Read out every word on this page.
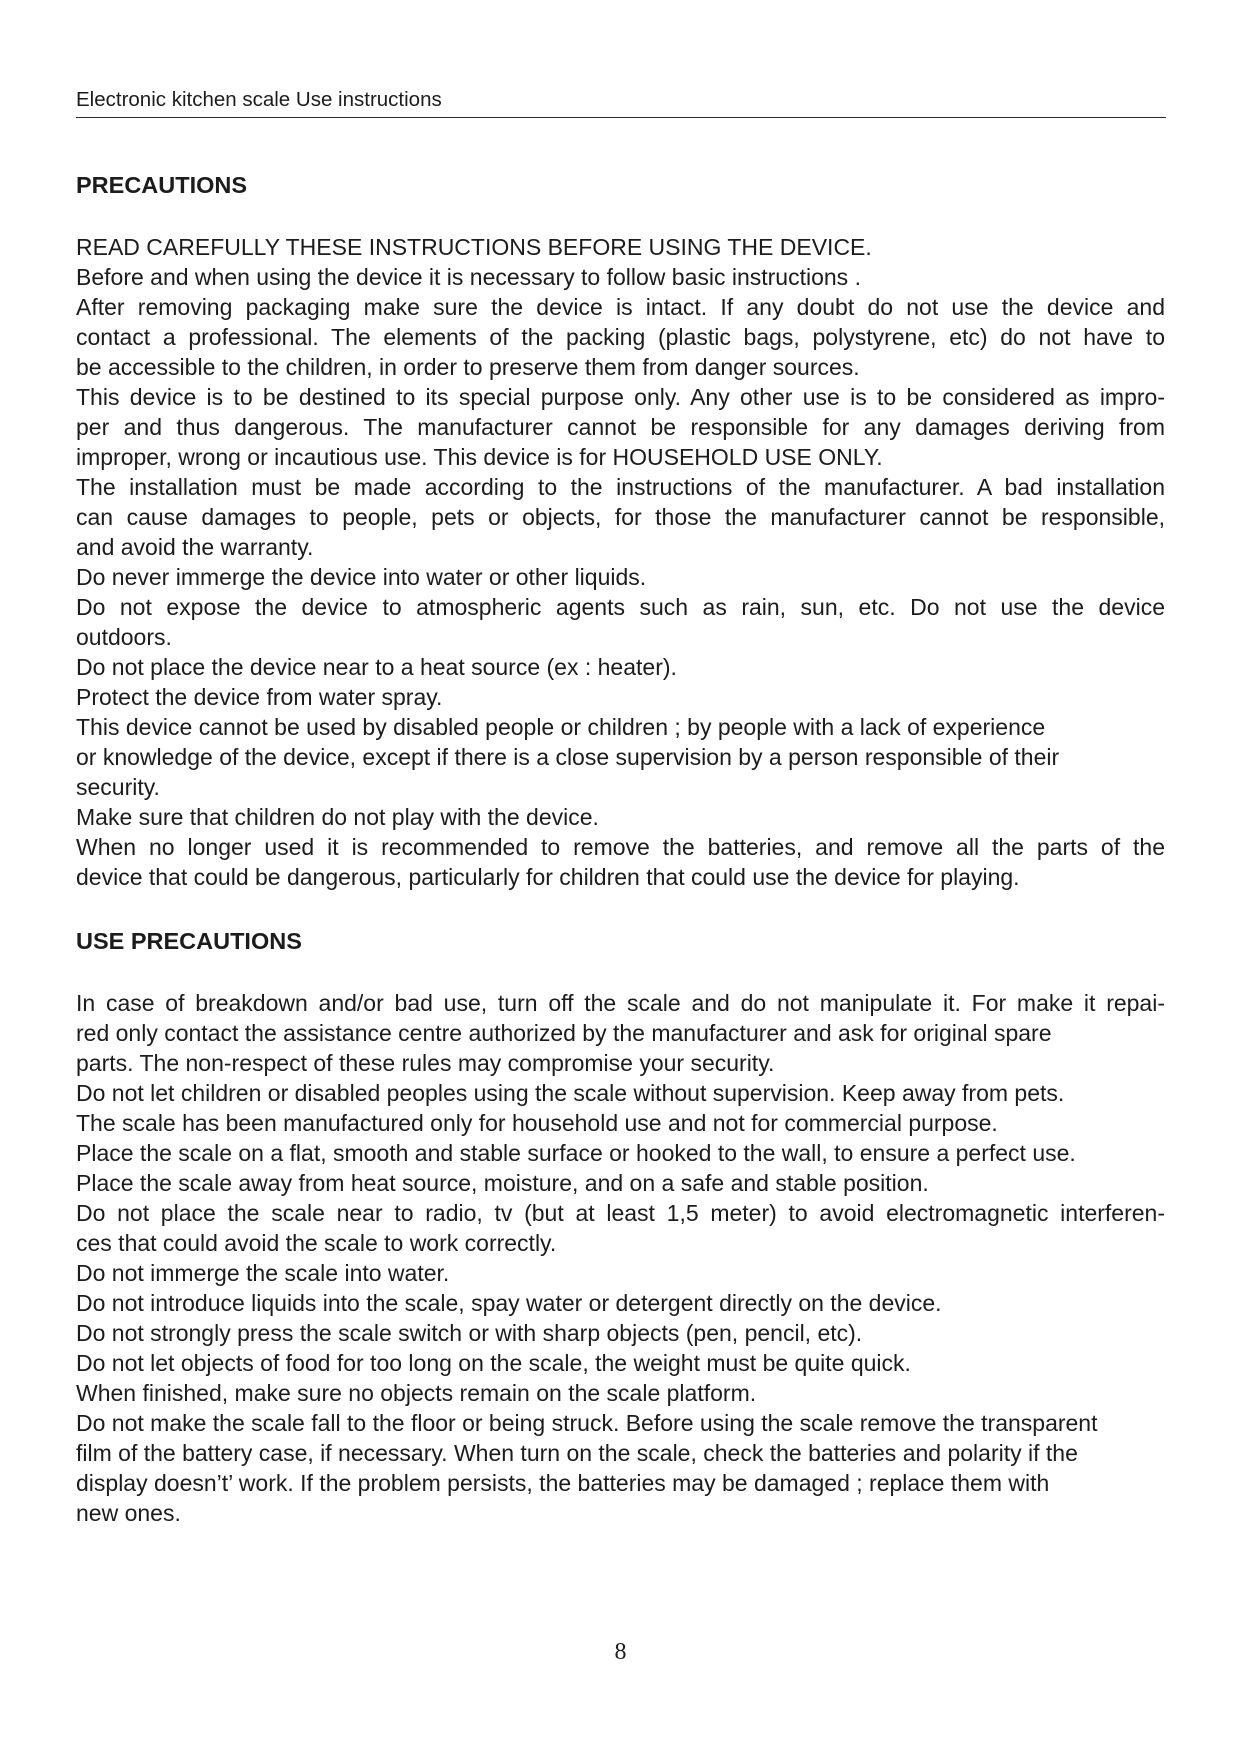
Electronic kitchen scale Use instructions
PRECAUTIONS
READ CAREFULLY THESE INSTRUCTIONS BEFORE USING THE DEVICE.
Before and when using the device it is necessary to follow basic instructions .
After removing packaging make sure the device is intact. If any doubt do not use the device and
contact a professional. The elements of the packing (plastic bags, polystyrene, etc) do not have to
be accessible to the children, in order to preserve them from danger sources.
This device is to be destined to its special purpose only. Any other use is to be considered as impro-
per and thus dangerous. The manufacturer cannot be responsible for any damages deriving from
improper, wrong or incautious use. This device is for HOUSEHOLD USE ONLY.
The installation must be made according to the instructions of the manufacturer. A bad installation
can cause damages to people, pets or objects, for those the manufacturer cannot be responsible,
and avoid the warranty.
Do never immerge the device into water or other liquids.
Do not expose the device to atmospheric agents such as rain, sun, etc. Do not use the device
outdoors.
Do not place the device near to a heat source (ex : heater).
Protect the device from water spray.
This device cannot be used by disabled people or children ; by people with a lack of experience
or knowledge of the device, except if there is a close supervision by a person responsible of their
security.
Make sure that children do not play with the device.
When no longer used it is recommended to remove the batteries, and remove all the parts of the
device that could be dangerous, particularly for children that could use the device for playing.
USE PRECAUTIONS
In case of breakdown and/or bad use, turn off the scale and do not manipulate it. For make it repai-
red only contact the assistance centre authorized by the manufacturer and ask for original spare
parts. The non-respect of these rules may compromise your security.
Do not let children or disabled peoples using the scale without supervision. Keep away from pets.
The scale has been manufactured only for household use and not for commercial purpose.
Place the scale on a flat, smooth and stable surface or hooked to the wall, to ensure a perfect use.
Place the scale away from heat source, moisture, and on a safe and stable position.
Do not place the scale near to radio, tv (but at least 1,5 meter) to avoid electromagnetic interferen-
ces that could avoid the scale to work correctly.
Do not immerge the scale into water.
Do not introduce liquids into the scale, spay water or detergent directly on the device.
Do not strongly press the scale switch or with sharp objects (pen, pencil, etc).
Do not let objects of food for too long on the scale, the weight must be quite quick.
When finished, make sure no objects remain on the scale platform.
Do not make the scale fall to the floor or being struck. Before using the scale remove the transparent
film of the battery case, if necessary. When turn on the scale, check the batteries and polarity if the
display doesn’t’ work. If the problem persists, the batteries may be damaged ; replace them with
new ones.
8
